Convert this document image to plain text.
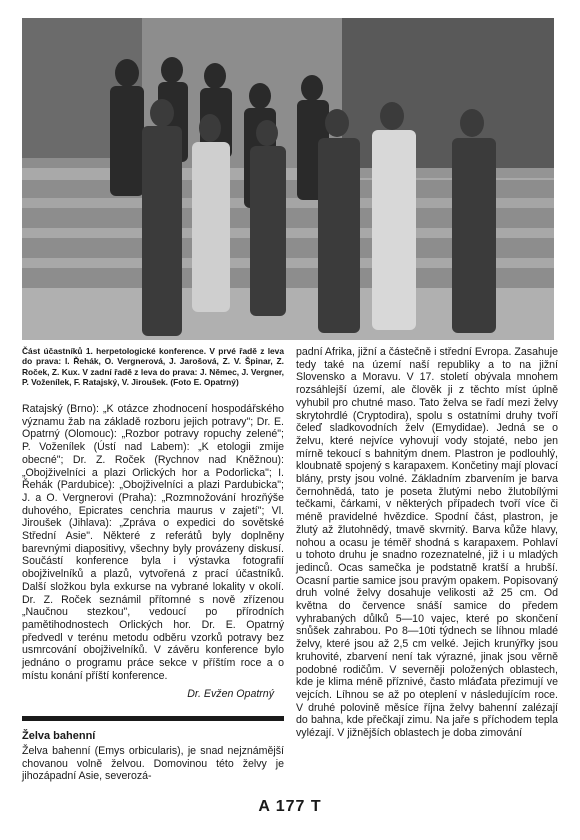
Část účastníků 1. herpetologické konference. V prvé řadě z leva do prava: I. Řehák, O. Vergnerová, J. Jarošová, Z. V. Špinar, Z. Roček, Z. Kux. V zadní řadě z leva do prava: J. Němec, J. Vergner, P. Voženílek, F. Ratajský, V. Jiroušek. (Foto E. Opatrný)

Ratajský (Brno): „K otázce zhodnocení hospodářského významu žab na základě rozboru jejich potravy"; Dr. E. Opatrný (Olomouc): „Rozbor potravy ropuchy zelené"; P. Voženílek (Ústí nad Labem): „K etologii zmije obecné"; Dr. Z. Roček (Rychnov nad Kněžnou): „Obojživelníci a plazi Orlických hor a Podorlicka"; I. Řehák (Pardubice): „Obojživelníci a plazi Pardubicka"; J. a O. Vergnerovi (Praha): „Rozmnožování hrozňýše duhového, Epicrates cenchria maurus v zajetí"; Vl. Jiroušek (Jihlava): „Zpráva o expedici do sovětské Střední Asie". Některé z referátů byly doplněny barevnými diapositivy, všechny byly provázeny diskusí. Součástí konference byla i výstavka fotografií obojživelníků a plazů, vytvořená z prací účastníků. Další složkou byla exkurse na vybrané lokality v okolí. Dr. Z. Roček seznámil přítomné s nově zřízenou „Naučnou stezkou", vedoucí po přírodních pamětihodnostech Orlických hor. Dr. E. Opatrný předvedl v terénu metodu odběru vzorků potravy bez usmrcování obojživelníků. V závěru konference bylo jednáno o programu práce sekce v příštím roce a o místu konání příští konference.

Dr. Evžen Opatrný

Želva bahenní

Želva bahenní (Emys orbicularis), je snad nejznámější chovanou volně želvou. Domovinou této želvy je jihozápadní Asie, severozá-

padní Afrika, jižní a částečně i střední Evropa. Zasahuje tedy také na území naší republiky a to na jižní Slovensko a Moravu. V 17. století obývala mnohem rozsáhlejší území, ale člověk ji z těchto míst úplně vyhubil pro chutné maso. Tato želva se řadí mezi želvy skrytohrdlé (Cryptodira), spolu s ostatními druhy tvoří čeleď sladkovodních želv (Emydidae). Jedná se o želvu, které nejvíce vyhovují vody stojaté, nebo jen mírně tekoucí s bahnitým dnem. Plastron je podlouhlý, kloubnatě spojený s karapaxem. Končetiny mají plovací blány, prsty jsou volné. Základním zbarvením je barva černohnědá, tato je poseta žlutými nebo žlutobílými tečkami, čárkami, v některých případech tvoří více či méně pravidelné hvězdice. Spodní část, plastron, je žlutý až žlutohnědý, tmavě skvrnitý. Barva kůže hlavy, nohou a ocasu je téměř shodná s karapaxem. Pohlaví u tohoto druhu je snadno rozeznatelné, již i u mladých jedinců. Ocas samečka je podstatně kratší a hrubší. Ocasní partie samice jsou pravým opakem. Popisovaný druh volné želvy dosahuje velikosti až 25 cm. Od května do července snáší samice do předem vyhrabaných důlků 5—10 vajec, které po skončení snůšek zahrabou. Po 8—10ti týdnech se líhnou mladé želvy, které jsou až 2,5 cm velké. Jejich krunýřky jsou kruhovité, zbarvení není tak výrazné, jinak jsou věrně podobné rodičům. V severněji položených oblastech, kde je klima méně příznivé, často mláďata přezimují ve vejcích. Líhnou se až po oteplení v následujícím roce. V druhé polovině měsíce října želvy bahenní zalézají do bahna, kde přečkají zimu. Na jaře s příchodem tepla vylézají. V jižnějších oblastech je doba zimování

A 177 T
